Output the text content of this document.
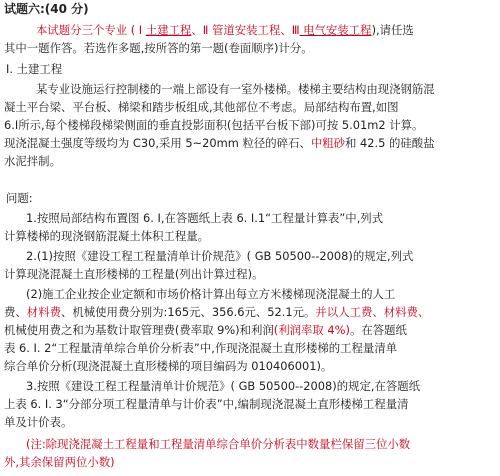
试题六:(40 分)
本试题分三个专业 ( Ⅰ 土建工程、Ⅱ 管道安装工程、Ⅲ 电气安装工程),请任选
其中一题作答。若选作多题,按所答的第一题(卷面顺序)计分。
Ⅰ. 土建工程
某专业设施运行控制楼的一端上部设有一室外楼梯。楼梯主要结构由现浇钢筋混
凝土平台梁、平台板、梯梁和踏步板组成,其他部位不考虑。局部结构布置,如图
6.Ⅰ所示,每个楼梯段梯梁侧面的垂直投影面积(包括平台板下部)可按 5.01m2 计算。
现浇混凝土强度等级均为 C30,采用 5~20mm 粒径的碎石、中粗砂和 42.5 的硅酸盐
水泥拌制。
问题:
1.按照局部结构布置图 6. Ⅰ,在答题纸上表 6. Ⅰ.1“工程量计算表”中,列式
计算楼梯的现浇钢筋混凝土体积工程量。
2.(1)按照《建设工程工程量清单计价规范》( GB 50500--2008)的规定,列式
计算现浇混凝土直形楼梯的工程量(列出计算过程)。
(2)施工企业按企业定额和市场价格计算出每立方米楼梯现浇混凝土的人工
费、材料费、机械使用费分别为:165元、356.6元、52.1元。并以人工费、材料费、
机械使用费之和为基数计取管理费(费率取 9%)和利润(利润率取 4%)。在答题纸
表 6. Ⅰ. 2“工程量清单综合单价分析表”中,作现浇混凝土直形楼梯的工程量清单
综合单价分析(现浇混凝土直形楼梯的项目编码为 010406001)。
3.按照《建设工程工程量清单计价规范》( GB 50500--2008)的规定,在答题纸
上表 6. Ⅰ. 3“分部分项工程量清单与计价表”中,编制现浇混凝土直形楼梯工程量清
单及计价表。
(注:除现浇混凝土工程量和工程量清单综合单价分析表中数量栏保留三位小数
外,其余保留两位小数)
